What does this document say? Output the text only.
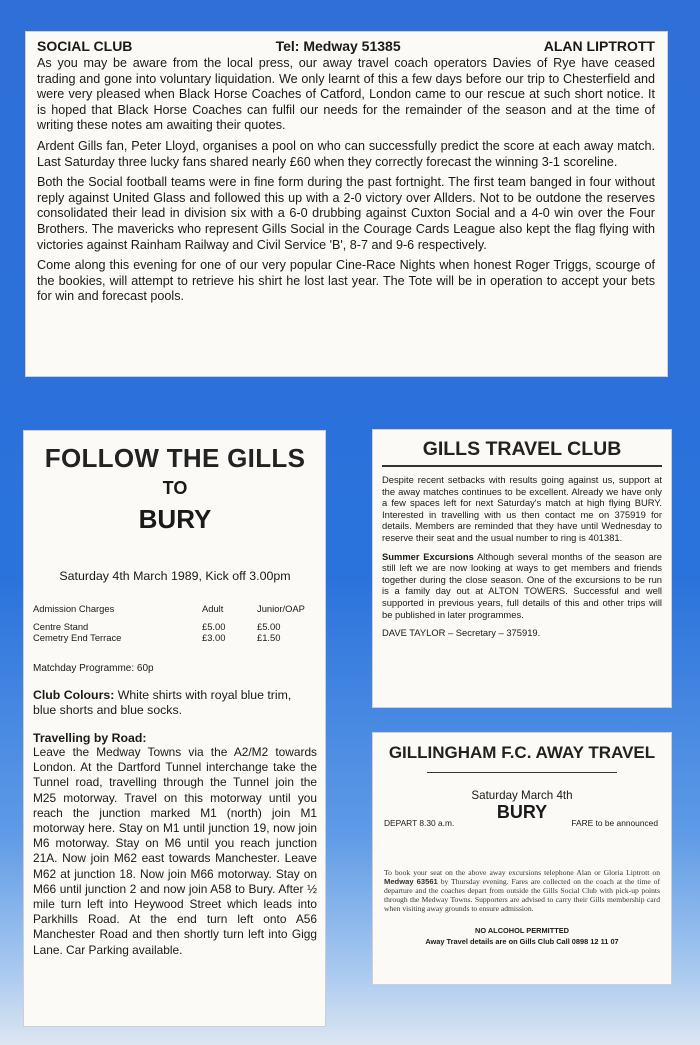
SOCIAL CLUB	Tel: Medway 51385	ALAN LIPTROTT

As you may be aware from the local press, our away travel coach operators Davies of Rye have ceased trading and gone into voluntary liquidation. We only learnt of this a few days before our trip to Chesterfield and were very pleased when Black Horse Coaches of Catford, London came to our rescue at such short notice. It is hoped that Black Horse Coaches can fulfil our needs for the remainder of the season and at the time of writing these notes am awaiting their quotes.

Ardent Gills fan, Peter Lloyd, organises a pool on who can successfully predict the score at each away match. Last Saturday three lucky fans shared nearly £60 when they correctly forecast the winning 3-1 scoreline.

Both the Social football teams were in fine form during the past fortnight. The first team banged in four without reply against United Glass and followed this up with a 2-0 victory over Allders. Not to be outdone the reserves consolidated their lead in division six with a 6-0 drubbing against Cuxton Social and a 4-0 win over the Four Brothers. The mavericks who represent Gills Social in the Courage Cards League also kept the flag flying with victories against Rainham Railway and Civil Service 'B', 8-7 and 9-6 respectively.

Come along this evening for one of our very popular Cine-Race Nights when honest Roger Triggs, scourge of the bookies, will attempt to retrieve his shirt he lost last year. The Tote will be in operation to accept your bets for win and forecast pools.

FOLLOW THE GILLS
TO
BURY
Saturday 4th March 1989, Kick off 3.00pm
Admission Charges	Adult	Junior/OAP
Centre Stand	£5.00	£5.00
Cemetry End Terrace	£3.00	£1.50
Matchday Programme: 60p
Club Colours: White shirts with royal blue trim, blue shorts and blue socks.
Travelling by Road:

Leave the Medway Towns via the A2/M2 towards London. At the Dartford Tunnel interchange take the Tunnel road, travelling through the Tunnel join the M25 motorway. Travel on this motorway until you reach the junction marked M1 (north) join M1 motorway here. Stay on M1 until junction 19, now join M6 motorway. Stay on M6 until you reach junction 21A. Now join M62 east towards Manchester. Leave M62 at junction 18. Now join M66 motorway. Stay on M66 until junction 2 and now join A58 to Bury. After ½ mile turn left into Heywood Street which leads into Parkhills Road. At the end turn left onto A56 Manchester Road and then shortly turn left into Gigg Lane. Car Parking available.

GILLS TRAVEL CLUB

Despite recent setbacks with results going against us, support at the away matches continues to be excellent. Already we have only a few spaces left for next Saturday's match at high flying BURY. Interested in travelling with us then contact me on 375919 for details. Members are reminded that they have until Wednesday to reserve their seat and the usual number to ring is 401381.

Summer Excursions Although several months of the season are still left we are now looking at ways to get members and friends together during the close season. One of the excursions to be run is a family day out at ALTON TOWERS. Successful and well supported in previous years, full details of this and other trips will be published in later programmes.

DAVE TAYLOR – Secretary – 375919.
GILLINGHAM F.C. AWAY TRAVEL
Saturday March 4th
BURY
DEPART 8.30 a.m.	FARE to be announced

To book your seat on the above away excursions telephone Alan or Gloria Liptrott on Medway 63561 by Thursday evening. Fares are collected on the coach at the time of departure and the coaches depart from outside the Gills Social Club with pick-up points through the Medway Towns. Supporters are advised to carry their Gills membership card when visiting away grounds to ensure admission.

NO ALCOHOL PERMITTED
Away Travel details are on Gills Club Call 0898 12 11 07
